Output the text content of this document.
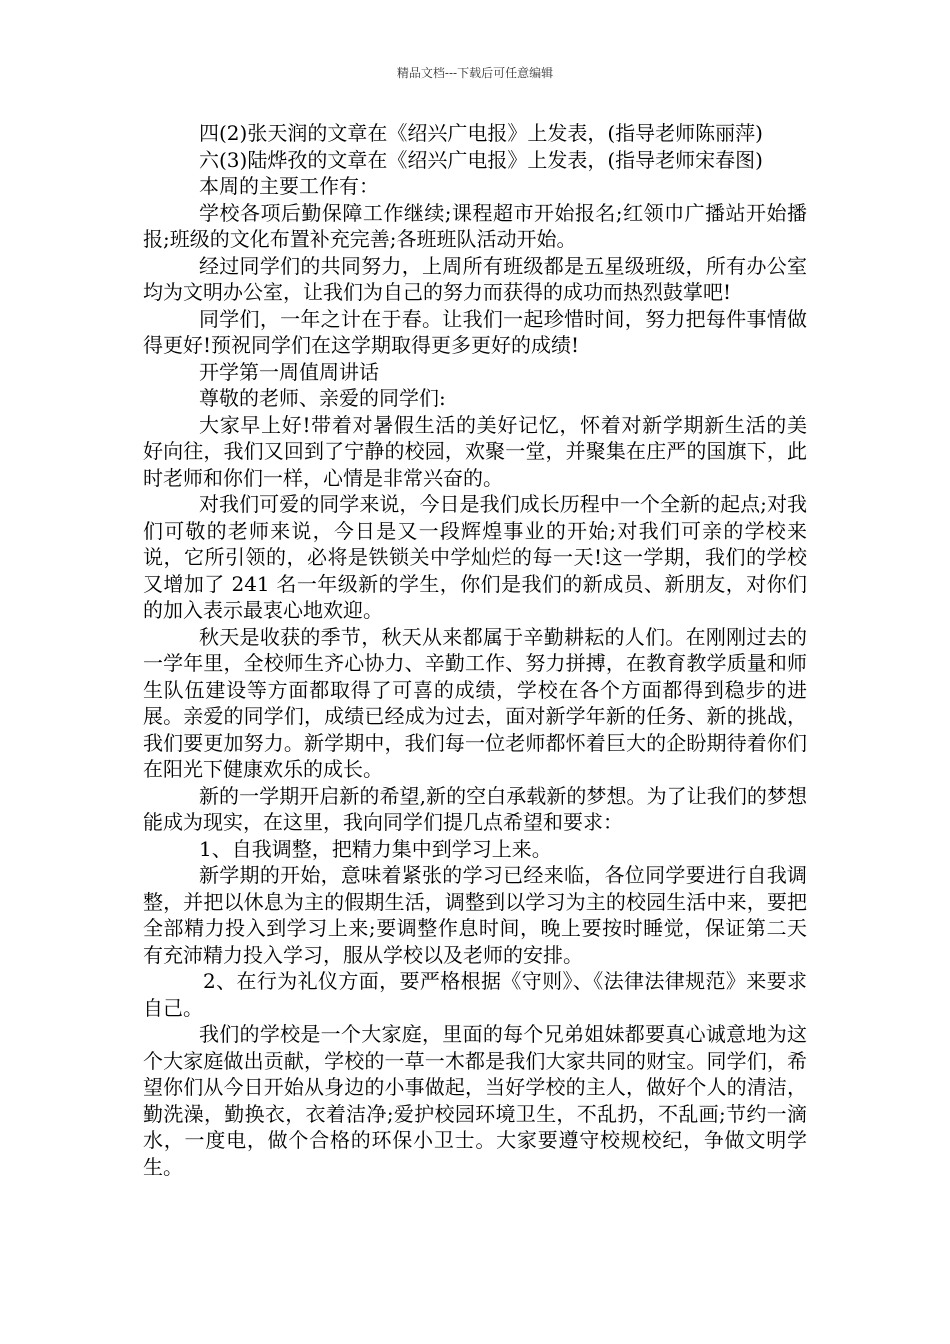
精品文档---下载后可任意编辑

四(2)张天润的文章在《绍兴广电报》上发表，(指导老师陈丽萍)

六(3)陆烨孜的文章在《绍兴广电报》上发表，(指导老师宋春图)

本周的主要工作有：

学校各项后勤保障工作继续;课程超市开始报名;红领巾广播站开始播报;班级的文化布置补充完善;各班班队活动开始。

经过同学们的共同努力，上周所有班级都是五星级班级，所有办公室均为文明办公室，让我们为自己的努力而获得的成功而热烈鼓掌吧!

同学们，一年之计在于春。让我们一起珍惜时间，努力把每件事情做得更好!预祝同学们在这学期取得更多更好的成绩!

开学第一周值周讲话

尊敬的老师、亲爱的同学们:

大家早上好!带着对暑假生活的美好记忆，怀着对新学期新生活的美好向往，我们又回到了宁静的校园，欢聚一堂，并聚集在庄严的国旗下，此时老师和你们一样，心情是非常兴奋的。

对我们可爱的同学来说，今日是我们成长历程中一个全新的起点;对我们可敬的老师来说，今日是又一段辉煌事业的开始;对我们可亲的学校来说，它所引领的，必将是铁锁关中学灿烂的每一天!这一学期，我们的学校又增加了 241 名一年级新的学生，你们是我们的新成员、新朋友，对你们的加入表示最衷心地欢迎。

秋天是收获的季节，秋天从来都属于辛勤耕耘的人们。在刚刚过去的一学年里，全校师生齐心协力、辛勤工作、努力拼搏，在教育教学质量和师生队伍建设等方面都取得了可喜的成绩，学校在各个方面都得到稳步的进展。亲爱的同学们，成绩已经成为过去，面对新学年新的任务、新的挑战，我们要更加努力。新学期中，我们每一位老师都怀着巨大的企盼期待着你们在阳光下健康欢乐的成长。

新的一学期开启新的希望,新的空白承载新的梦想。为了让我们的梦想能成为现实，在这里，我向同学们提几点希望和要求：

1、自我调整，把精力集中到学习上来。

新学期的开始，意味着紧张的学习已经来临，各位同学要进行自我调整，并把以休息为主的假期生活，调整到以学习为主的校园生活中来，要把全部精力投入到学习上来;要调整作息时间，晚上要按时睡觉，保证第二天有充沛精力投入学习，服从学校以及老师的安排。

2、在行为礼仪方面，要严格根据《守则》、《法律法律规范》来要求自己。

我们的学校是一个大家庭，里面的每个兄弟姐妹都要真心诚意地为这个大家庭做出贡献，学校的一草一木都是我们大家共同的财宝。同学们，希望你们从今日开始从身边的小事做起，当好学校的主人，做好个人的清洁，勤洗澡，勤换衣，衣着洁净;爱护校园环境卫生，不乱扔，不乱画;节约一滴水，一度电，做个合格的环保小卫士。大家要遵守校规校纪，争做文明学生。
